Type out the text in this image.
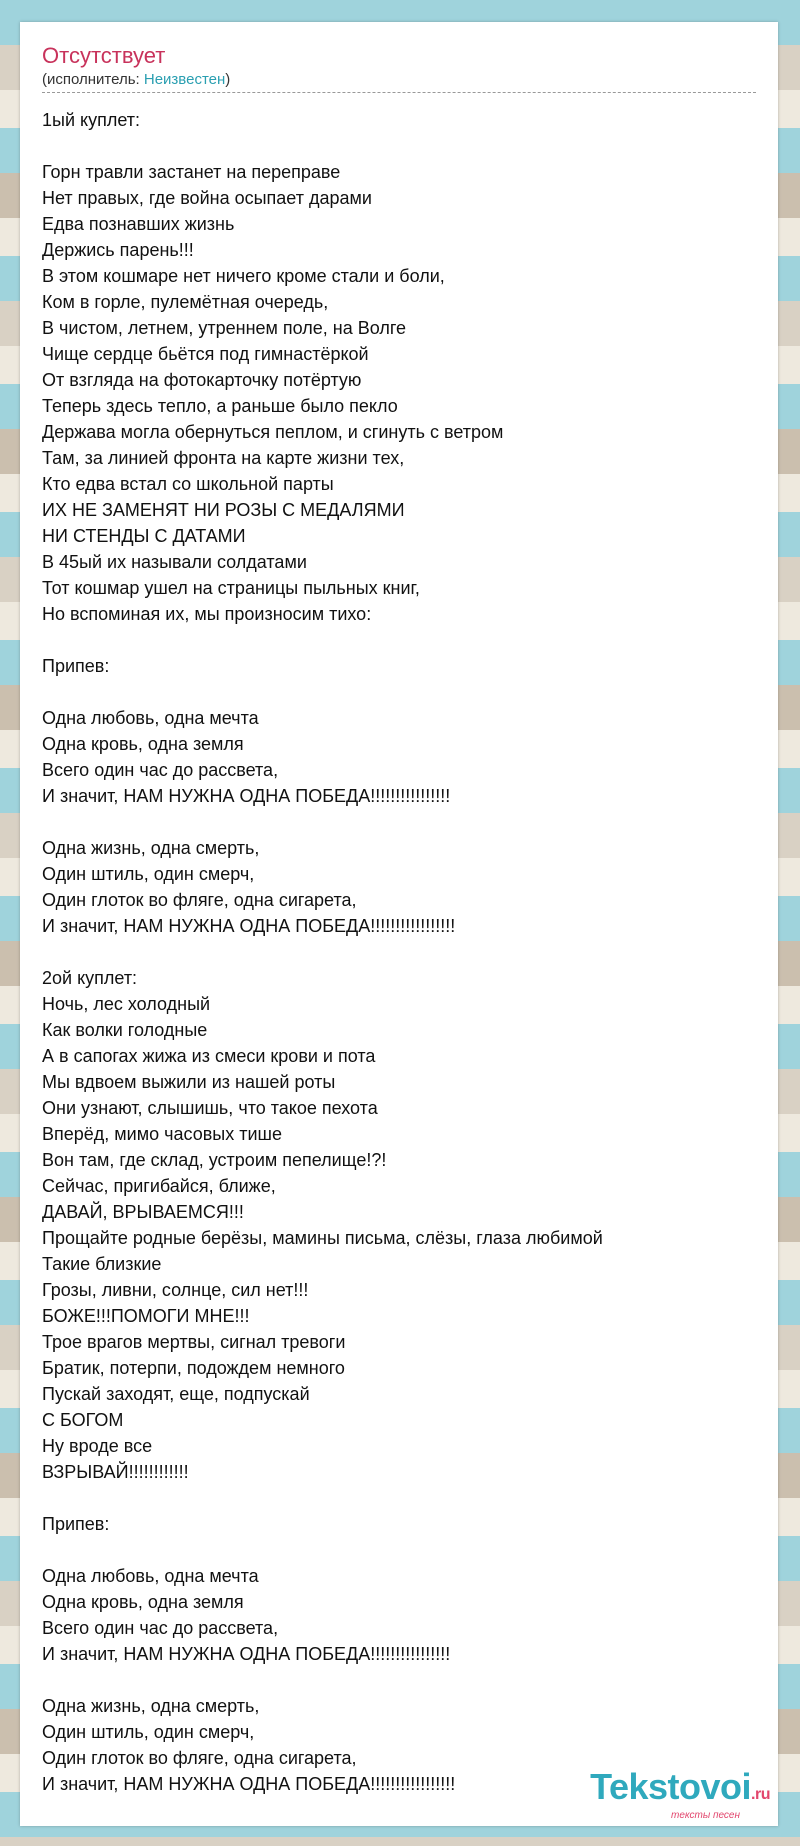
Отсутствует
(исполнитель: Неизвестен)
1ый куплет:
Горн травли застанет на переправе
Нет правых, где война осыпает дарами
Едва познавших жизнь
Держись парень!!!
В этом кошмаре нет ничего кроме стали и боли,
Ком в горле, пулемётная очередь,
В чистом, летнем, утреннем поле, на Волге
Чище сердце бьётся под гимнастёркой
От взгляда на фотокарточку потёртую
Теперь здесь тепло, а раньше было пекло
Держава могла обернуться пеплом, и сгинуть с ветром
Там, за линией фронта на карте жизни тех,
Кто едва встал со школьной парты
ИХ НЕ ЗАМЕНЯТ НИ РОЗЫ С МЕДАЛЯМИ
НИ СТЕНДЫ С ДАТАМИ
В 45ый их называли солдатами
Тот кошмар ушел на страницы пыльных книг,
Но вспоминая их, мы произносим тихо:
Припев:
Одна любовь, одна мечта
Одна кровь, одна земля
Всего один час до рассвета,
И значит, НАМ НУЖНА ОДНА ПОБЕДА!!!!!!!!!!!!!!!!
Одна жизнь, одна смерть,
Один штиль, один смерч,
Один глоток во фляге, одна сигарета,
И значит, НАМ НУЖНА ОДНА ПОБЕДА!!!!!!!!!!!!!!!!!
2ой куплет:
Ночь, лес холодный
Как волки голодные
А в сапогах жижа из смеси крови и пота
Мы вдвоем выжили из нашей роты
Они узнают, слышишь, что такое пехота
Вперёд, мимо часовых тише
Вон там, где склад, устроим пепелище!?!
Сейчас, пригибайся, ближе,
ДАВАЙ, ВРЫВАЕМСЯ!!!
Прощайте родные берёзы, мамины письма, слёзы, глаза любимой
Такие близкие
Грозы, ливни, солнце, сил нет!!!
БОЖЕ!!!ПОМОГИ МНЕ!!!
Трое врагов мертвы, сигнал тревоги
Братик, потерпи, подождем немного
Пускай заходят, еще, подпускай
С БОГОМ
Ну вроде все
ВЗРЫВАЙ!!!!!!!!!!!!
Припев:
Одна любовь, одна мечта
Одна кровь, одна земля
Всего один час до рассвета,
И значит, НАМ НУЖНА ОДНА ПОБЕДА!!!!!!!!!!!!!!!!
Одна жизнь, одна смерть,
Один штиль, один смерч,
Один глоток во фляге, одна сигарета,
И значит, НАМ НУЖНА ОДНА ПОБЕДА!!!!!!!!!!!!!!!!!	Tekstovoi.ru
тексты песен
